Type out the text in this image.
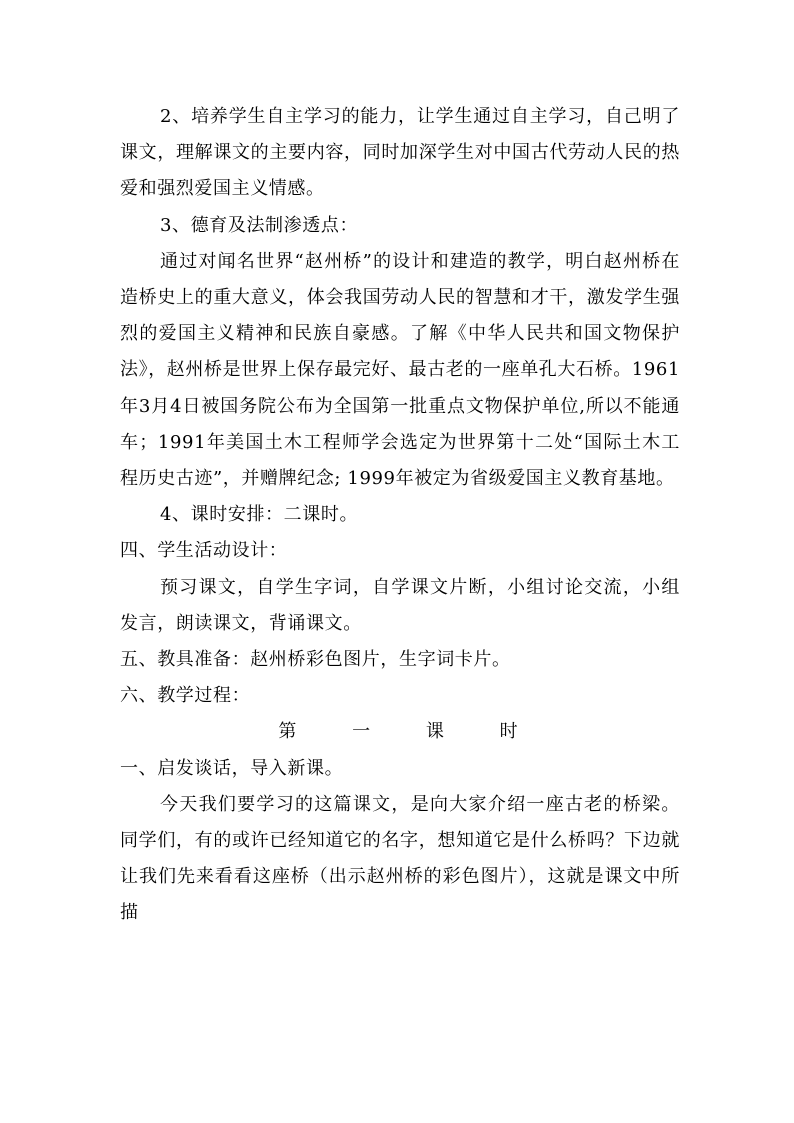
2、培养学生自主学习的能力，让学生通过自主学习，自己明了课文，理解课文的主要内容，同时加深学生对中国古代劳动人民的热爱和强烈爱国主义情感。

3、德育及法制渗透点：

通过对闻名世界“赵州桥”的设计和建造的教学，明白赵州桥在造桥史上的重大意义，体会我国劳动人民的智慧和才干，激发学生强烈的爱国主义精神和民族自豪感。了解《中华人民共和国文物保护法》，赵州桥是世界上保存最完好、最古老的一座单孔大石桥。1961年3月4日被国务院公布为全国第一批重点文物保护单位,所以不能通车；1991年美国土木工程师学会选定为世界第十二处“国际土木工程历史古迹”，并赠牌纪念; 1999年被定为省级爱国主义教育基地。

4、课时安排：二课时。

四、学生活动设计：

预习课文，自学生字词，自学课文片断，小组讨论交流，小组发言，朗读课文，背诵课文。

五、教具准备：赵州桥彩色图片，生字词卡片。

六、教学过程：

第 一 课 时

一、启发谈话，导入新课。

今天我们要学习的这篇课文，是向大家介绍一座古老的桥梁。同学们，有的或许已经知道它的名字，想知道它是什么桥吗？下边就让我们先来看看这座桥（出示赵州桥的彩色图片），这就是课文中所描
